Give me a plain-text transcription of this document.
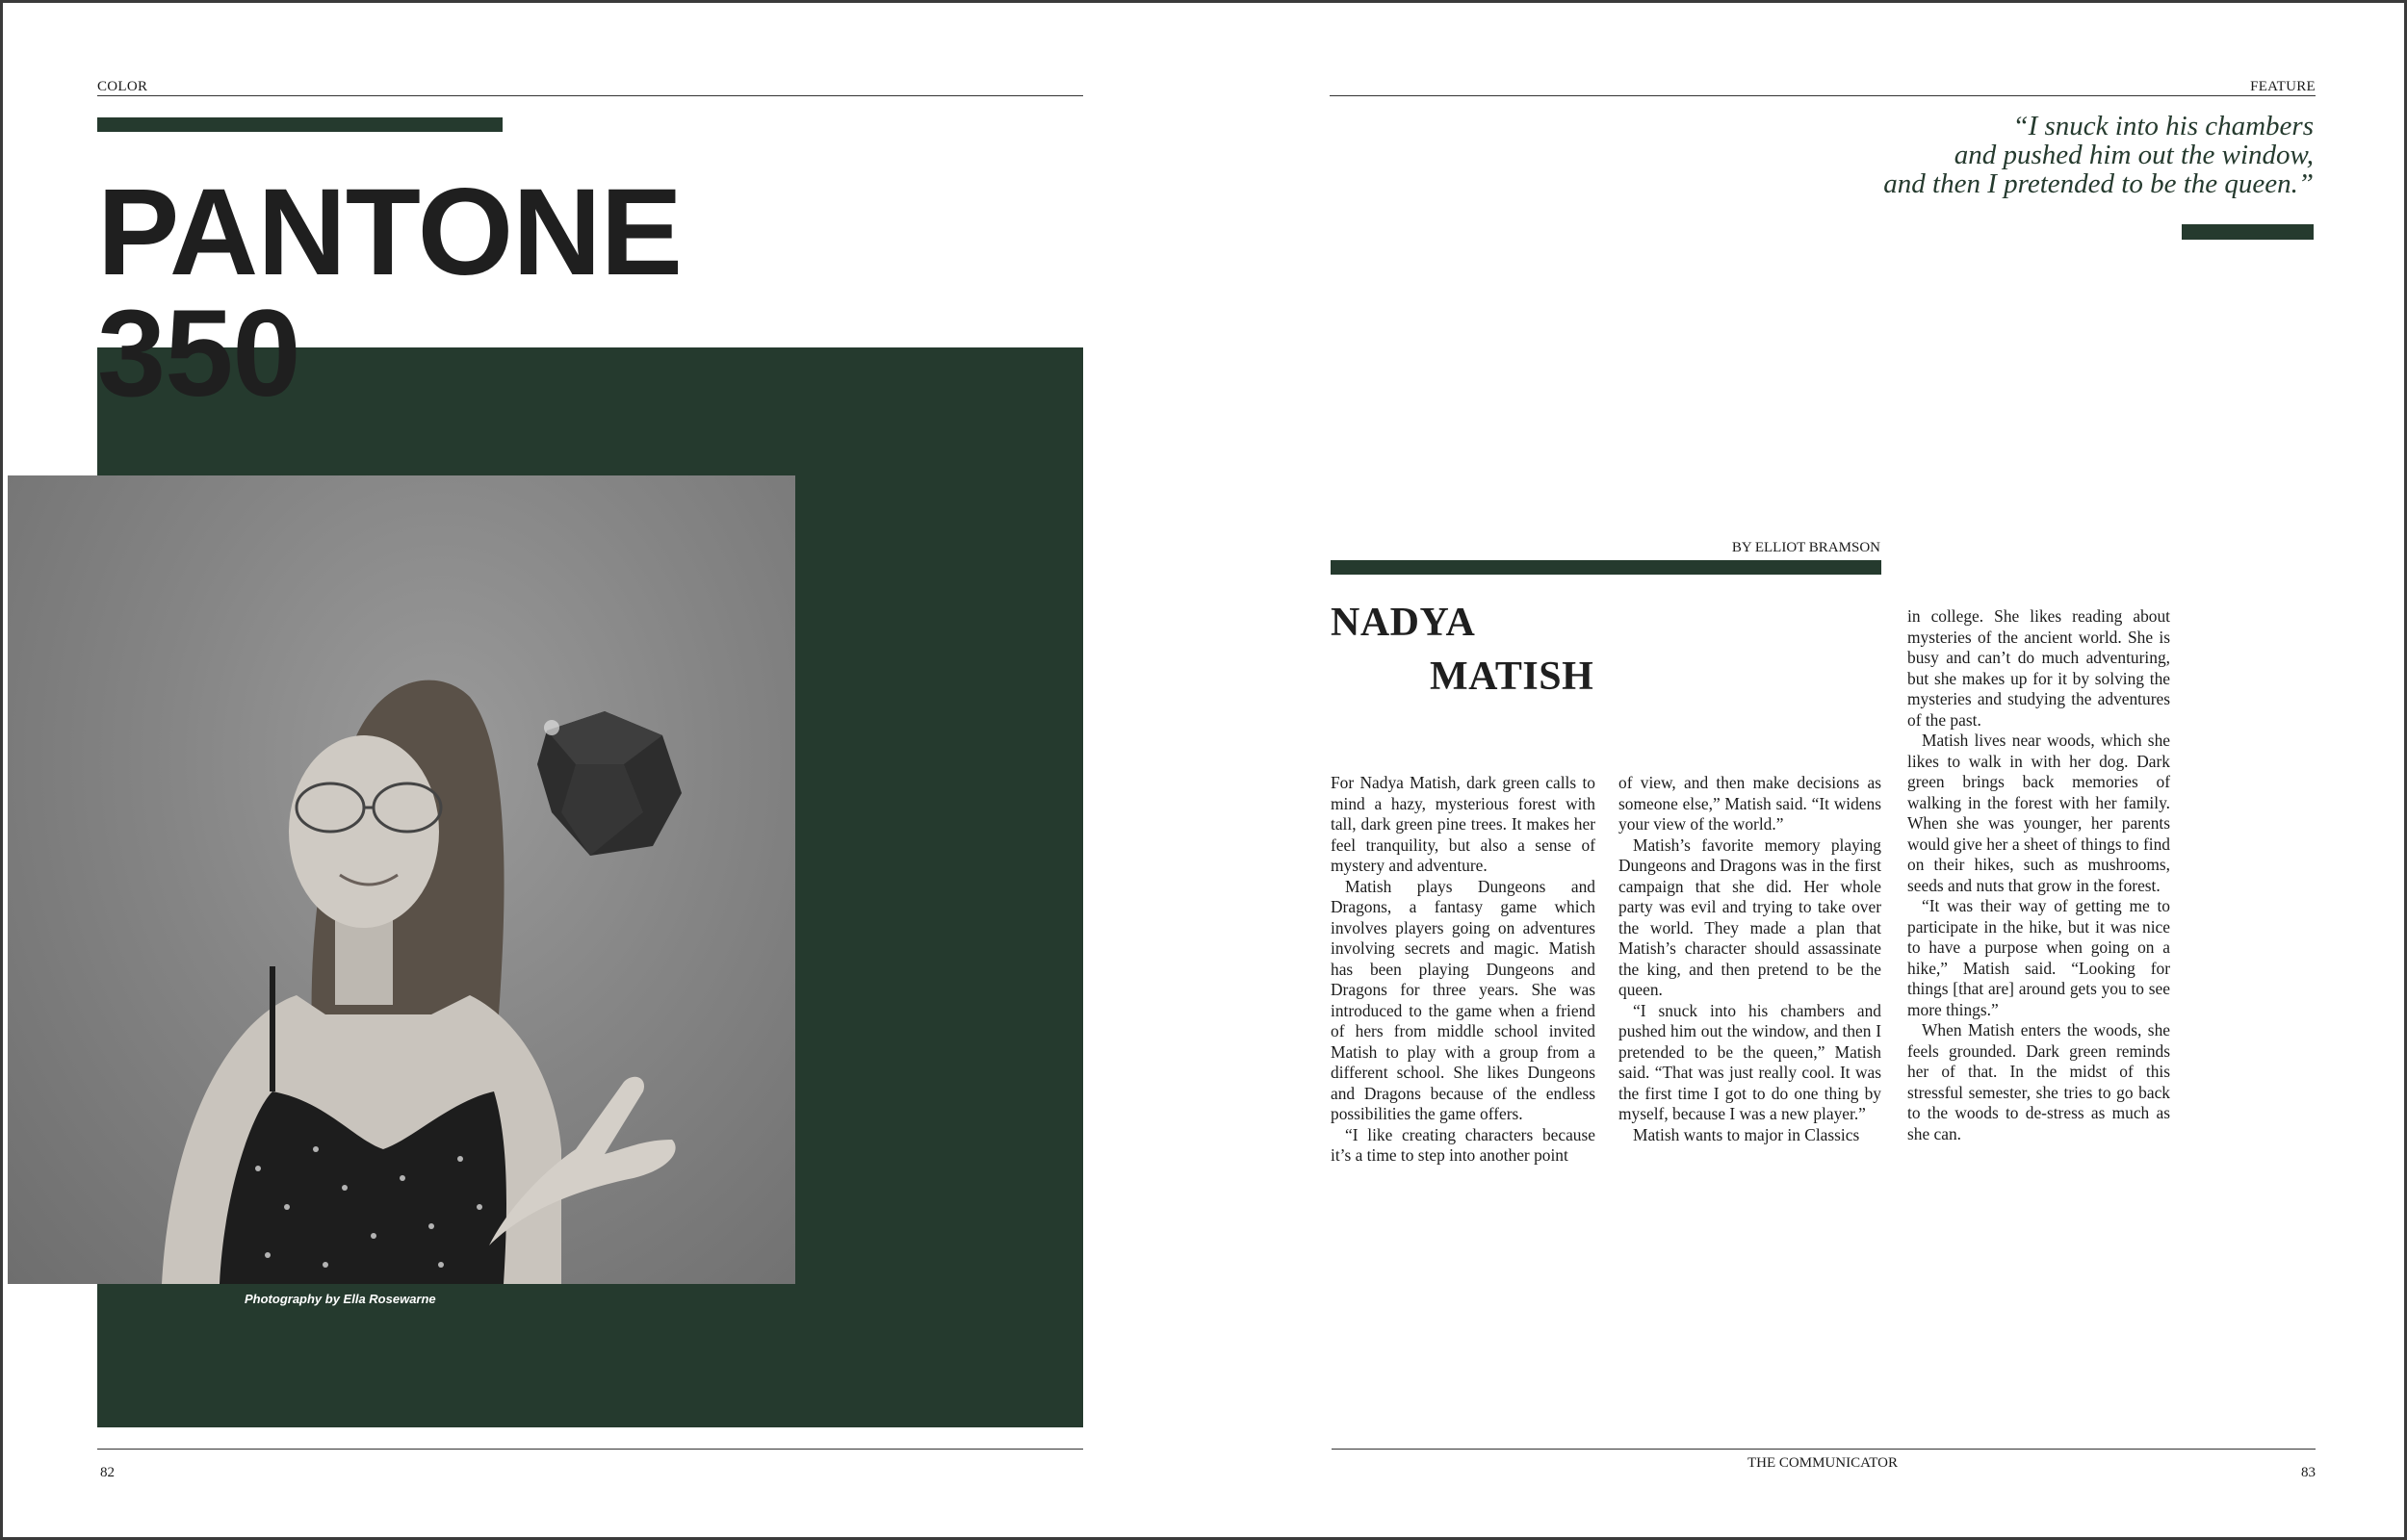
COLOR
PANTONE
350
Photography by Ella Rosewarne
82
FEATURE
“I snuck into his chambers
and pushed him out the window,
and then I pretended to be the queen.”
BY ELLIOT BRAMSON
NADYA
MATISH

For Nadya Matish, dark green calls to mind a hazy, mysterious forest with tall, dark green pine trees. It makes her feel tranquility, but also a sense of mystery and adventure.

Matish plays Dungeons and Dragons, a fantasy game which involves players going on adventures involving secrets and magic. Matish has been playing Dungeons and Dragons for three years. She was introduced to the game when a friend of hers from middle school invited Matish to play with a group from a different school. She likes Dungeons and Dragons because of the endless possibilities the game offers.

“I like creating characters because it’s a time to step into another point

of view, and then make decisions as someone else,” Matish said. “It widens your view of the world.”

Matish’s favorite memory playing Dungeons and Dragons was in the first campaign that she did. Her whole party was evil and trying to take over the world. They made a plan that Matish’s character should assassinate the king, and then pretend to be the queen.

“I snuck into his chambers and pushed him out the window, and then I pretended to be the queen,” Matish said. “That was just really cool. It was the first time I got to do one thing by myself, because I was a new player.”

Matish wants to major in Classics

in college. She likes reading about mysteries of the ancient world. She is busy and can’t do much adventuring, but she makes up for it by solving the mysteries and studying the adventures of the past.

Matish lives near woods, which she likes to walk in with her dog. Dark green brings back memories of walking in the forest with her family. When she was younger, her parents would give her a sheet of things to find on their hikes, such as mushrooms, seeds and nuts that grow in the forest.

“It was their way of getting me to participate in the hike, but it was nice to have a purpose when going on a hike,” Matish said. “Looking for things [that are] around gets you to see more things.”

When Matish enters the woods, she feels grounded. Dark green reminds her of that. In the midst of this stressful semester, she tries to go back to the woods to de-stress as much as she can.

THE COMMUNICATOR
83
